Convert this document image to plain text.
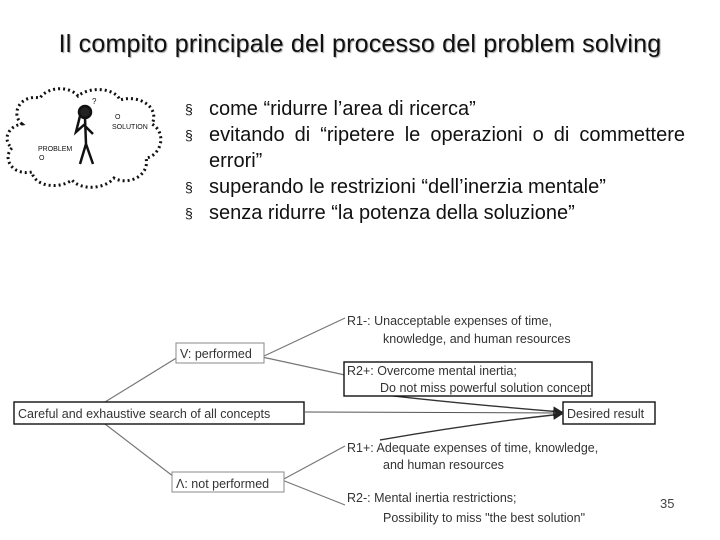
Il compito principale del processo del problem solving
?
O
SOLUTION
PROBLEM
O
§ come “ridurre l’area di ricerca”
§ evitando di “ripetere le operazioni o di commettere errori”
§ superando le restrizioni “dell’inerzia mentale”
§ senza ridurre “la potenza della soluzione”
Careful and exhaustive search of all concepts
V: performed
Λ: not performed
R1-: Unacceptable expenses of time,
knowledge, and human resources
R2+: Overcome mental inertia;
Do not miss powerful solution concept
R1+: Adequate expenses of time, knowledge,
and human resources
R2-: Mental inertia restrictions;
Possibility to miss "the best solution"
Desired result
35
